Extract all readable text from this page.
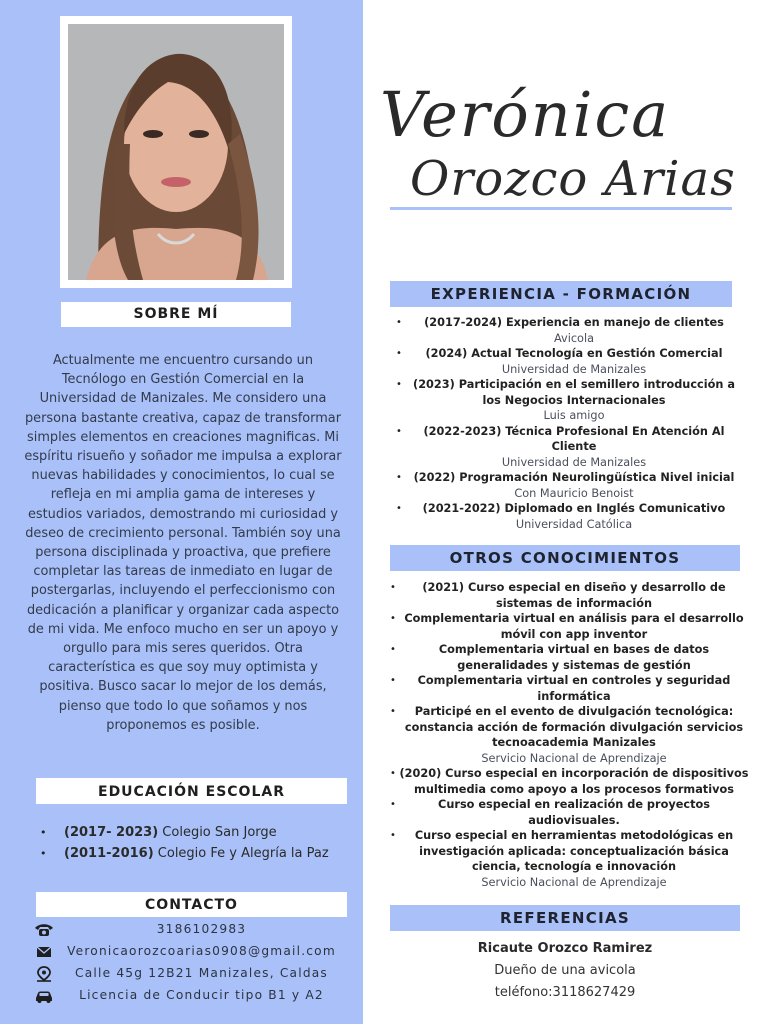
SOBRE MÍ
Actualmente me encuentro cursando un Tecnólogo en Gestión Comercial en la Universidad de Manizales. Me considero una persona bastante creativa, capaz de transformar simples elementos en creaciones magnificas. Mi espíritu risueño y soñador me impulsa a explorar nuevas habilidades y conocimientos, lo cual se refleja en mi amplia gama de intereses y estudios variados, demostrando mi curiosidad y deseo de crecimiento personal. También soy una persona disciplinada y proactiva, que prefiere completar las tareas de inmediato en lugar de postergarlas, incluyendo el perfeccionismo con dedicación a planificar y organizar cada aspecto de mi vida. Me enfoco mucho en ser un apoyo y orgullo para mis seres queridos. Otra característica es que soy muy optimista y positiva. Busco sacar lo mejor de los demás, pienso que todo lo que soñamos y nos proponemos es posible.
EDUCACIÓN ESCOLAR
• (2017- 2023) Colegio San Jorge
• (2011-2016) Colegio Fe y Alegría la Paz
CONTACTO
3186102983
Veronicaorozcoarias0908@gmail.com
Calle 45g 12B21 Manizales, Caldas
Licencia de Conducir tipo B1 y A2
Verónica
Orozco Arias
EXPERIENCIA - FORMACIÓN
• (2017-2024) Experiencia en manejo de clientes
Avicola
• (2024) Actual Tecnología en Gestión Comercial
Universidad de Manizales
• (2023) Participación en el semillero introducción a los Negocios Internacionales
Luis amigo
• (2022-2023) Técnica Profesional En Atención Al Cliente
Universidad de Manizales
• (2022) Programación Neurolingüística Nivel inicial
Con Mauricio Benoist
• (2021-2022) Diplomado en Inglés Comunicativo
Universidad Católica
OTROS CONOCIMIENTOS
• (2021) Curso especial en diseño y desarrollo de sistemas de información
• Complementaria virtual en análisis para el desarrollo móvil con app inventor
• Complementaria virtual en bases de datos generalidades y sistemas de gestión
• Complementaria virtual en controles y seguridad informática
• Participé en el evento de divulgación tecnológica: constancia acción de formación divulgación servicios tecnoacademia Manizales
Servicio Nacional de Aprendizaje
• (2020) Curso especial en incorporación de dispositivos multimedia como apoyo a los procesos formativos
• Curso especial en realización de proyectos audiovisuales.
• Curso especial en herramientas metodológicas en investigación aplicada: conceptualización básica ciencia, tecnología e innovación
Servicio Nacional de Aprendizaje
REFERENCIAS
Ricaute Orozco Ramirez
Dueño de una avicola
teléfono:3118627429
